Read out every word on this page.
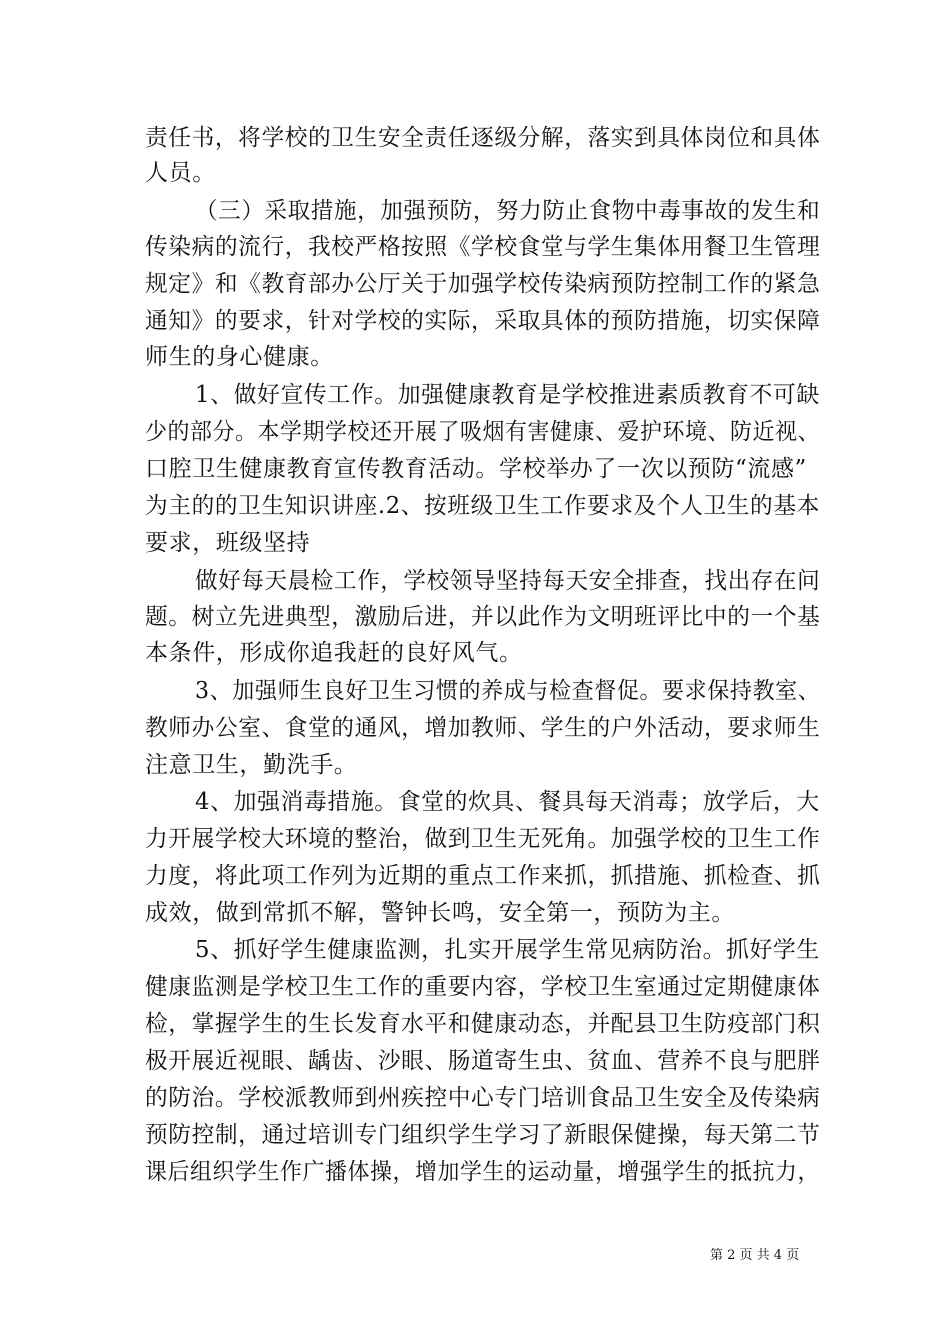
责任书，将学校的卫生安全责任逐级分解，落实到具体岗位和具体
人员。
（三）采取措施，加强预防，努力防止食物中毒事故的发生和
传染病的流行，我校严格按照《学校食堂与学生集体用餐卫生管理
规定》和《教育部办公厅关于加强学校传染病预防控制工作的紧急
通知》的要求，针对学校的实际，采取具体的预防措施，切实保障
师生的身心健康。
1、做好宣传工作。加强健康教育是学校推进素质教育不可缺
少的部分。本学期学校还开展了吸烟有害健康、爱护环境、防近视、
口腔卫生健康教育宣传教育活动。学校举办了一次以预防“流感”
为主的的卫生知识讲座.2、按班级卫生工作要求及个人卫生的基本
要求，班级坚持
做好每天晨检工作，学校领导坚持每天安全排查，找出存在问
题。树立先进典型，激励后进，并以此作为文明班评比中的一个基
本条件，形成你追我赶的良好风气。
3、加强师生良好卫生习惯的养成与检查督促。要求保持教室、
教师办公室、食堂的通风，增加教师、学生的户外活动，要求师生
注意卫生，勤洗手。
4、加强消毒措施。食堂的炊具、餐具每天消毒；放学后，大
力开展学校大环境的整治，做到卫生无死角。加强学校的卫生工作
力度，将此项工作列为近期的重点工作来抓，抓措施、抓检查、抓
成效，做到常抓不解，警钟长鸣，安全第一，预防为主。
5、抓好学生健康监测，扎实开展学生常见病防治。抓好学生
健康监测是学校卫生工作的重要内容，学校卫生室通过定期健康体
检，掌握学生的生长发育水平和健康动态，并配县卫生防疫部门积
极开展近视眼、龋齿、沙眼、肠道寄生虫、贫血、营养不良与肥胖
的防治。学校派教师到州疾控中心专门培训食品卫生安全及传染病
预防控制，通过培训专门组织学生学习了新眼保健操，每天第二节
课后组织学生作广播体操，增加学生的运动量，增强学生的抵抗力，
第 2 页 共 4 页
